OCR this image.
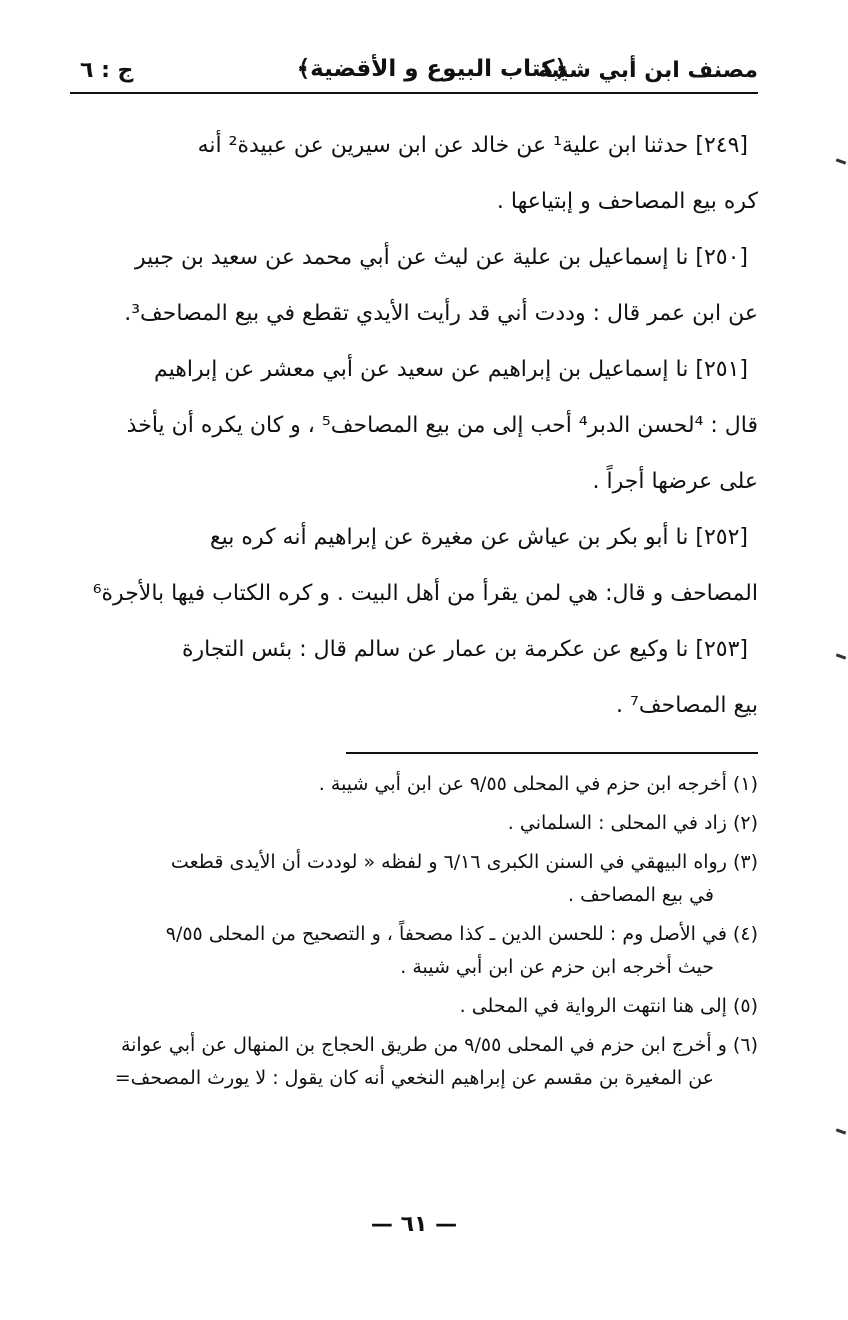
مصنف ابن أبي شيبة
﴿كتاب البيوع و الأقضية﴾
ج : ٦
[٢٤٩] حدثنا ابن علية¹ عن خالد عن ابن سيرين عن عبيدة² أنه
كره بيع المصاحف و إبتياعها .
[٢٥٠] نا إسماعيل بن علية عن ليث عن أبي محمد عن سعيد بن جبير
عن ابن عمر قال : وددت أني قد رأيت الأيدي تقطع في بيع المصاحف³.
[٢٥١] نا إسماعيل بن إبراهيم عن سعيد عن أبي معشر عن إبراهيم
قال : ⁴لحسن الدبر⁴ أحب إلى من بيع المصاحف⁵ ، و كان يكره أن يأخذ
على عرضها أجراً .
[٢٥٢] نا أبو بكر بن عياش عن مغيرة عن إبراهيم أنه كره بيع
المصاحف و قال: هي لمن يقرأ من أهل البيت . و كره الكتاب فيها بالأجرة⁶
[٢٥٣] نا وكيع عن عكرمة بن عمار عن سالم قال : بئس التجارة
بيع المصاحف⁷ .
(١) أخرجه ابن حزم في المحلى ٩/٥٥ عن ابن أبي شيبة .
(٢) زاد في المحلى : السلماني .
(٣) رواه البيهقي في السنن الكبرى ٦/١٦ و لفظه « لوددت أن الأيدى قطعت
في بيع المصاحف .
(٤) في الأصل وم : للحسن الدين ـ كذا مصحفاً ، و التصحيح من المحلى ٩/٥٥
حيث أخرجه ابن حزم عن ابن أبي شيبة .
(٥) إلى هنا انتهت الرواية في المحلى .
(٦) و أخرج ابن حزم في المحلى ٩/٥٥ من طريق الحجاج بن المنهال عن أبي عوانة
عن المغيرة بن مقسم عن إبراهيم النخعي أنه كان يقول : لا يورث المصحف=
— ٦١ —
